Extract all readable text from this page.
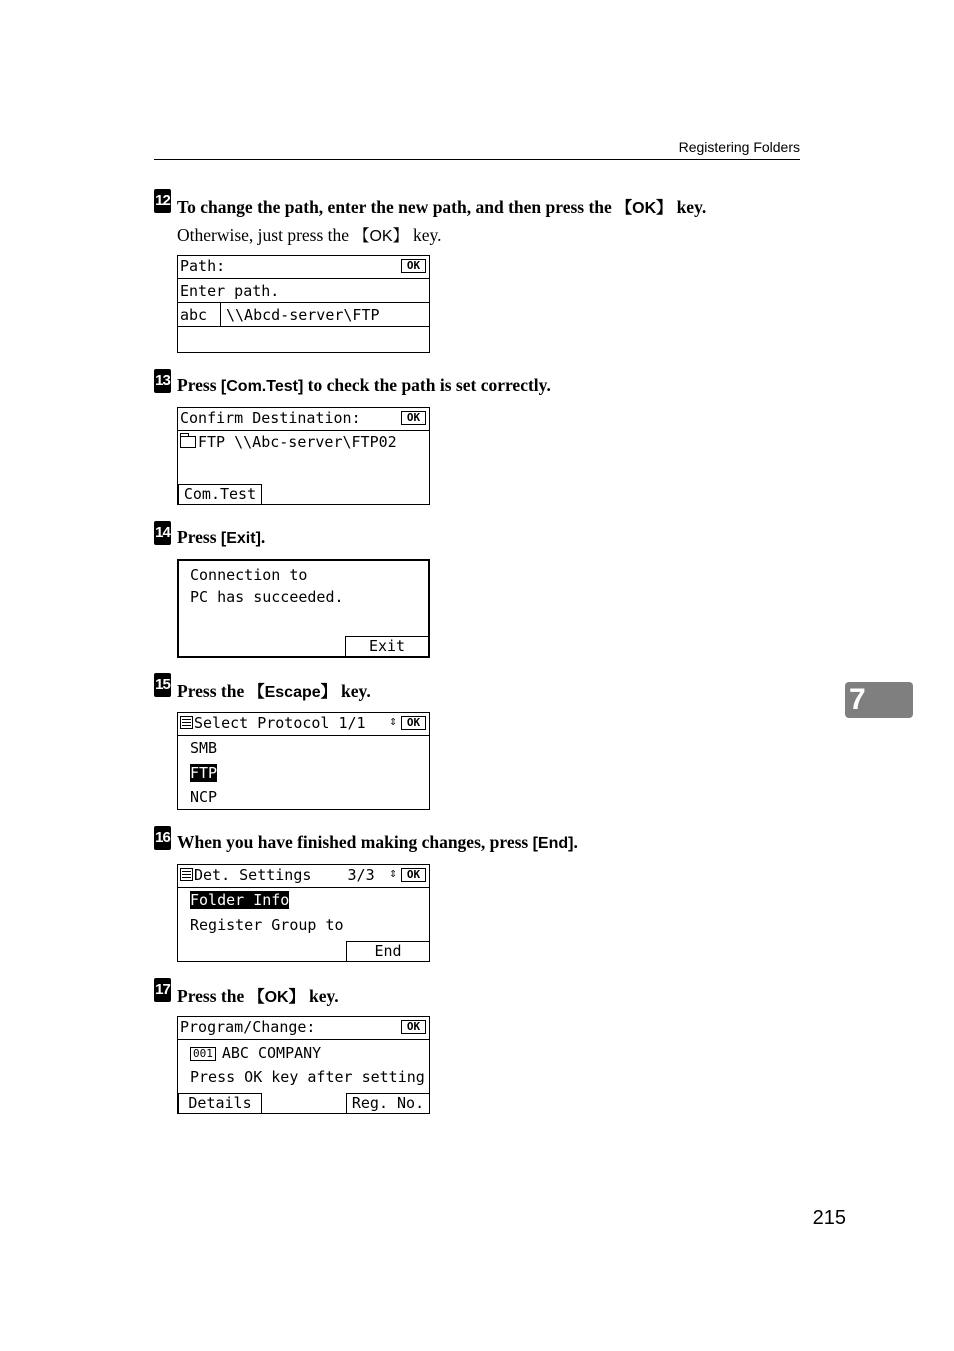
Registering Folders
12 To change the path, enter the new path, and then press the 【OK】 key.
Otherwise, just press the 【OK】 key.
Path:	OK
Enter path.
abc	\\Abcd-server\FTP
13 Press [Com.Test] to check the path is set correctly.
Confirm Destination:	OK
FTP \\Abc-server\FTP02
Com.Test
14 Press [Exit].
Connection to
PC has succeeded.
Exit
15 Press the 【Escape】 key.
Select Protocol 1/1	⇕ OK
SMB
FTP
NCP
16 When you have finished making changes, press [End].
Det. Settings 3/3	⇕ OK
Folder Info
Register Group to
End
17 Press the 【OK】 key.
Program/Change:	OK
001 ABC COMPANY
Press OK key after setting
Details	Reg. No.
7
215
